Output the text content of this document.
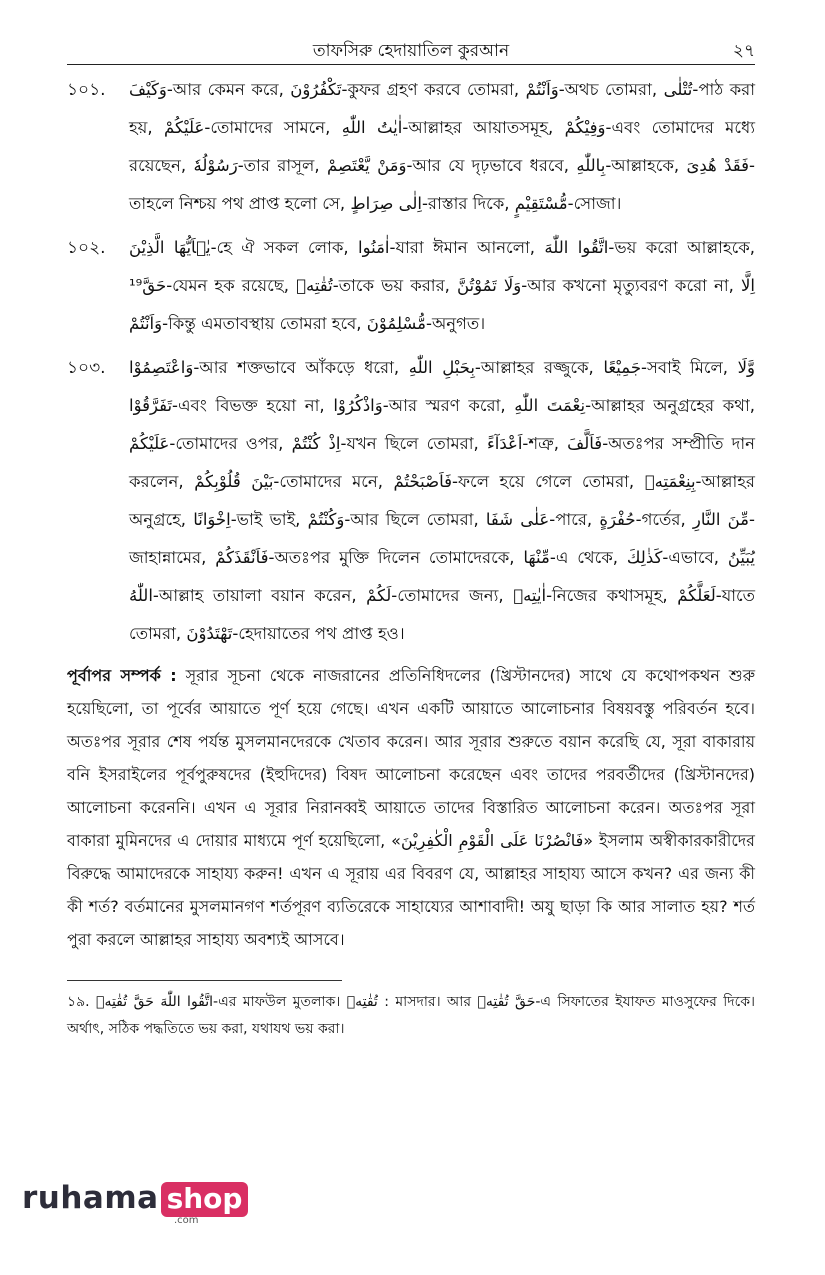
তাফসিরু হেদায়াতিল কুরআন	২৭
১০১.	وَكَيْفَ-আর কেমন করে, تَكْفُرُوْنَ-কুফর গ্রহণ করবে তোমরা, وَاَنْتُمْ-অথচ তোমরা, تُتْلٰى-পাঠ করা হয়, عَلَيْكُمْ-তোমাদের সামনে, اٰيٰتُ اللّٰهِ-আল্লাহর আয়াতসমূহ, وَفِيْكُمْ-এবং তোমাদের মধ্যে রয়েছেন, رَسُوْلُهٗ-তার রাসূল, وَمَنْ يَّعْتَصِمْ-আর যে দৃঢ়ভাবে ধরবে, بِاللّٰهِ-আল্লাহকে, فَقَدْ هُدِىَ-তাহলে নিশ্চয় পথ প্রাপ্ত হলো সে, اِلٰى صِرَاطٍ-রাস্তার দিকে, مُّسْتَقِيْمٍ-সোজা।
১০২.	يٰۤاَيُّهَا الَّذِيْنَ-হে ঐ সকল লোক, اٰمَنُوا-যারা ঈমান আনলো, اتَّقُوا اللّٰهَ-ভয় করো আল্লাহকে, ¹⁹حَقَّ-যেমন হক রয়েছে, تُقٰتِهٖ-তাকে ভয় করার, وَلَا تَمُوْتُنَّ-আর কখনো মৃত্যুবরণ করো না, اِلَّا وَاَنْتُمْ-কিন্তু এমতাবস্থায় তোমরা হবে, مُّسْلِمُوْنَ-অনুগত।
১০৩.	وَاعْتَصِمُوْا-আর শক্তভাবে আঁকড়ে ধরো, بِحَبْلِ اللّٰهِ-আল্লাহর রজ্জুকে, جَمِيْعًا-সবাই মিলে, وَّلَا تَفَرَّقُوْا-এবং বিভক্ত হয়ো না, وَاذْكُرُوْا-আর স্মরণ করো, نِعْمَتَ اللّٰهِ-আল্লাহর অনুগ্রহের কথা, عَلَيْكُمْ-তোমাদের ওপর, اِذْ كُنْتُمْ-যখন ছিলে তোমরা, اَعْدَآءً-শত্রু, فَاَلَّفَ-অতঃপর সম্প্রীতি দান করলেন, بَيْنَ قُلُوْبِكُمْ-তোমাদের মনে, فَاَصْبَحْتُمْ-ফলে হয়ে গেলে তোমরা, بِنِعْمَتِهٖ-আল্লাহর অনুগ্রহে, اِخْوَانًا-ভাই ভাই, وَكُنْتُمْ-আর ছিলে তোমরা, عَلٰى شَفَا-পারে, حُفْرَةٍ-গর্তের, مِّنَ النَّارِ-জাহান্নামের, فَاَنْقَذَكُمْ-অতঃপর মুক্তি দিলেন তোমাদেরকে, مِّنْهَا-এ থেকে, كَذٰلِكَ-এভাবে, يُبَيِّنُ اللّٰهُ-আল্লাহ তায়ালা বয়ান করেন, لَكُمْ-তোমাদের জন্য, اٰيٰتِهٖ-নিজের কথাসমূহ, لَعَلَّكُمْ-যাতে তোমরা, تَهْتَدُوْنَ-হেদায়াতের পথ প্রাপ্ত হও।
পূর্বাপর সম্পর্ক : সূরার সূচনা থেকে নাজরানের প্রতিনিধিদলের (খ্রিস্টানদের) সাথে যে কথোপকথন শুরু হয়েছিলো, তা পূর্বের আয়াতে পূর্ণ হয়ে গেছে। এখন একটি আয়াতে আলোচনার বিষয়বস্তু পরিবর্তন হবে। অতঃপর সূরার শেষ পর্যন্ত মুসলমানদেরকে খেতাব করেন। আর সূরার শুরুতে বয়ান করেছি যে, সূরা বাকারায় বনি ইসরাইলের পূর্বপুরুষদের (ইহুদিদের) বিষদ আলোচনা করেছেন এবং তাদের পরবর্তীদের (খ্রিস্টানদের) আলোচনা করেননি। এখন এ সূরার নিরানব্বই আয়াতে তাদের বিস্তারিত আলোচনা করেন। অতঃপর সূরা বাকারা মুমিনদের এ দোয়ার মাধ্যমে পূর্ণ হয়েছিলো, «فَانْصُرْنَا عَلَى الْقَوْمِ الْكٰفِرِيْنَ» ইসলাম অস্বীকারকারীদের বিরুদ্ধে আমাদেরকে সাহায্য করুন! এখন এ সূরায় এর বিবরণ যে, আল্লাহর সাহায্য আসে কখন? এর জন্য কী কী শর্ত? বর্তমানের মুসলমানগণ শর্তপূরণ ব্যতিরেকে সাহায্যের আশাবাদী! অযু ছাড়া কি আর সালাত হয়? শর্ত পুরা করলে আল্লাহর সাহায্য অবশ্যই আসবে।
১৯. اتَّقُوا اللّٰهَ حَقَّ تُقٰتِهٖ-এর মাফউল মুতলাক। تُقٰتِهٖ : মাসদার। আর حَقَّ تُقٰتِهٖ-এ সিফাতের ইযাফত মাওসুফের দিকে। অর্থাৎ, সঠিক পদ্ধতিতে ভয় করা, যথাযথ ভয় করা।
ruhama shop
.com
